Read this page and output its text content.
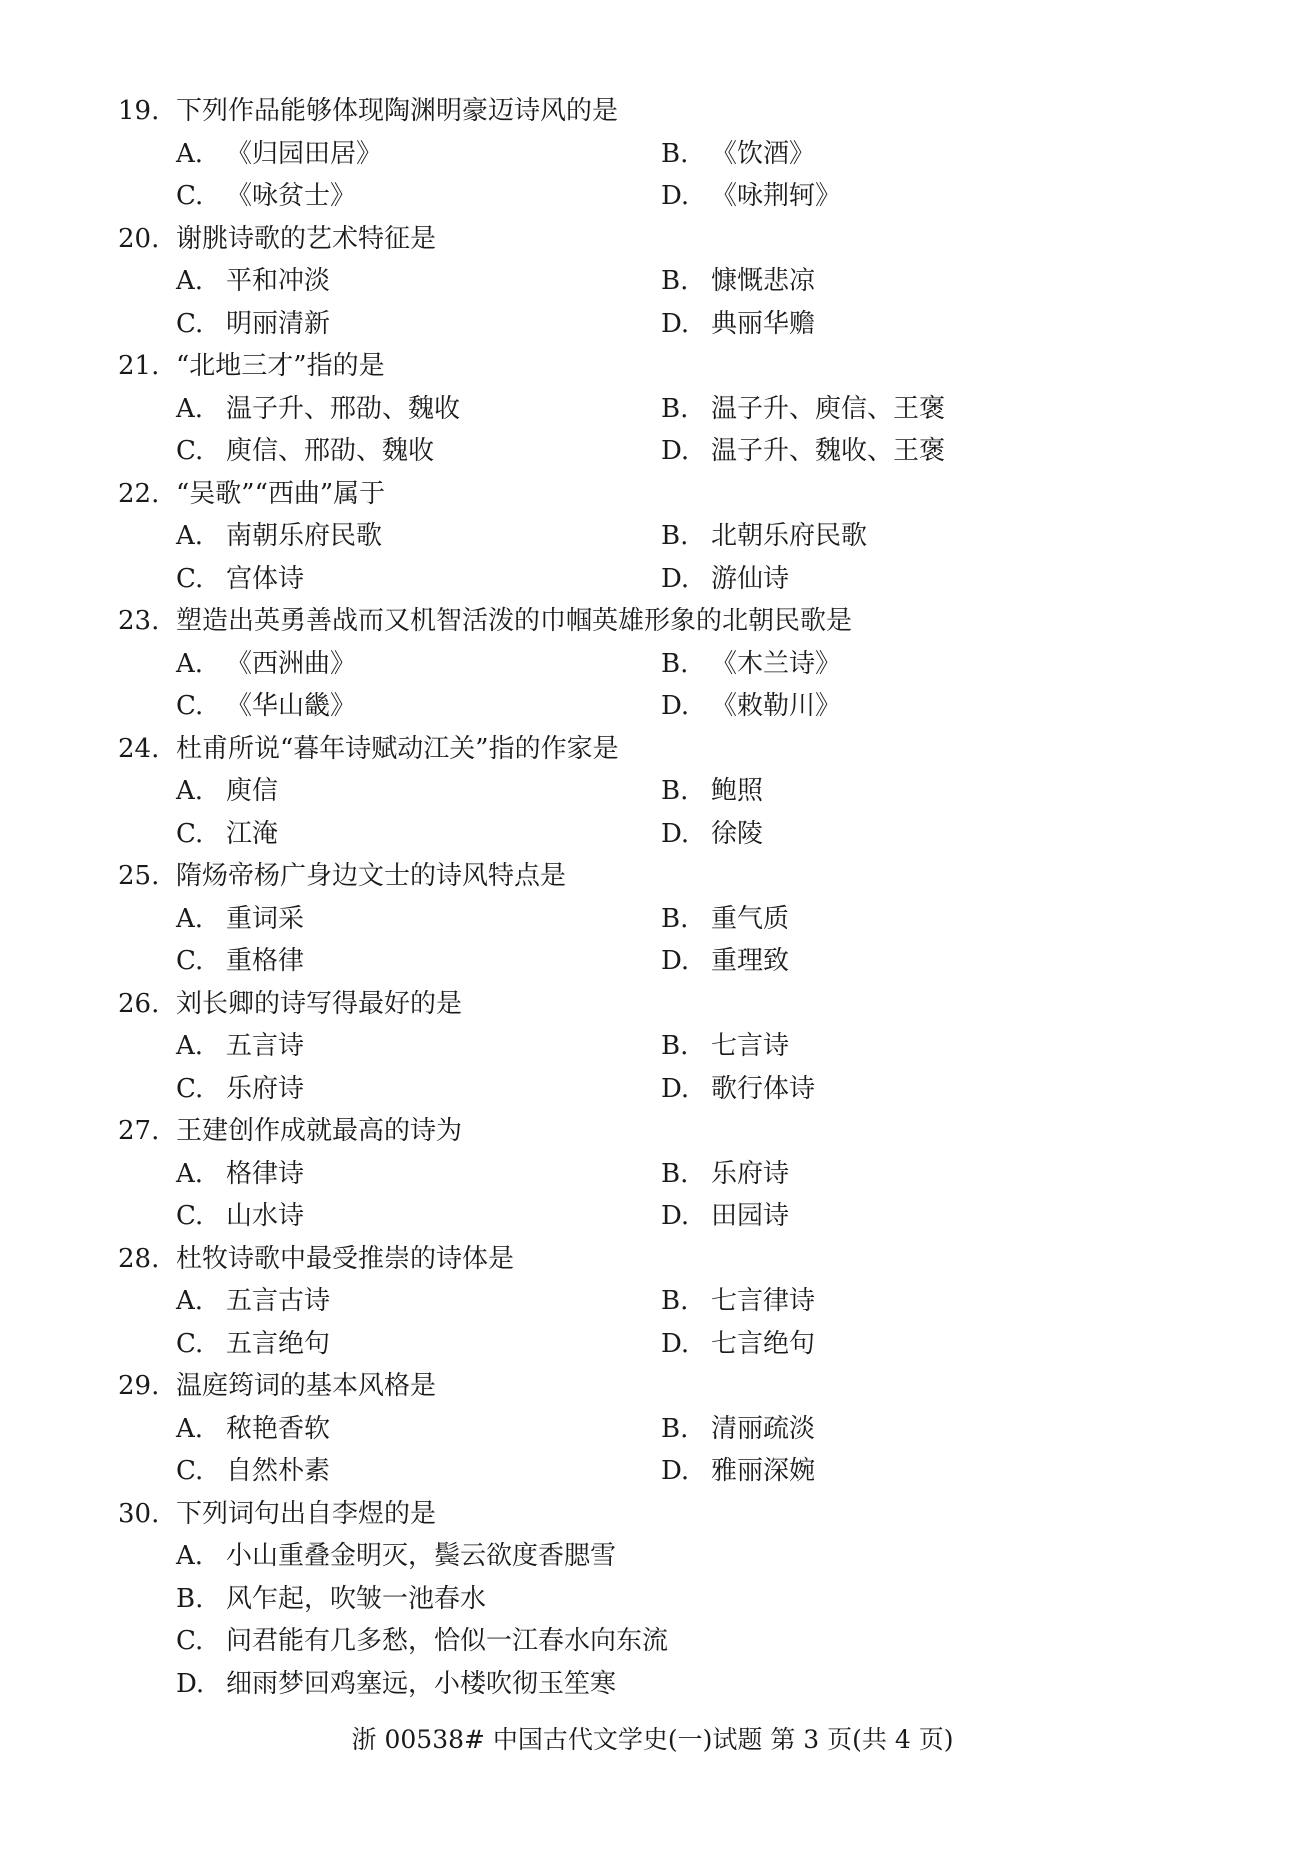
19. 下列作品能够体现陶渊明豪迈诗风的是
A. 《归园田居》	B. 《饮酒》
C. 《咏贫士》	D. 《咏荆轲》
20. 谢朓诗歌的艺术特征是
A. 平和冲淡	B. 慷慨悲凉
C. 明丽清新	D. 典丽华赡
21. “北地三才”指的是
A. 温子升、邢劭、魏收	B. 温子升、庾信、王褒
C. 庾信、邢劭、魏收	D. 温子升、魏收、王褒
22. “吴歌”“西曲”属于
A. 南朝乐府民歌	B. 北朝乐府民歌
C. 宫体诗	D. 游仙诗
23. 塑造出英勇善战而又机智活泼的巾帼英雄形象的北朝民歌是
A. 《西洲曲》	B. 《木兰诗》
C. 《华山畿》	D. 《敕勒川》
24. 杜甫所说“暮年诗赋动江关”指的作家是
A. 庾信	B. 鲍照
C. 江淹	D. 徐陵
25. 隋炀帝杨广身边文士的诗风特点是
A. 重词采	B. 重气质
C. 重格律	D. 重理致
26. 刘长卿的诗写得最好的是
A. 五言诗	B. 七言诗
C. 乐府诗	D. 歌行体诗
27. 王建创作成就最高的诗为
A. 格律诗	B. 乐府诗
C. 山水诗	D. 田园诗
28. 杜牧诗歌中最受推崇的诗体是
A. 五言古诗	B. 七言律诗
C. 五言绝句	D. 七言绝句
29. 温庭筠词的基本风格是
A. 秾艳香软	B. 清丽疏淡
C. 自然朴素	D. 雅丽深婉
30. 下列词句出自李煜的是
A. 小山重叠金明灭，鬓云欲度香腮雪
B. 风乍起，吹皱一池春水
C. 问君能有几多愁，恰似一江春水向东流
D. 细雨梦回鸡塞远，小楼吹彻玉笙寒
浙 00538# 中国古代文学史(一)试题 第 3 页(共 4 页)
